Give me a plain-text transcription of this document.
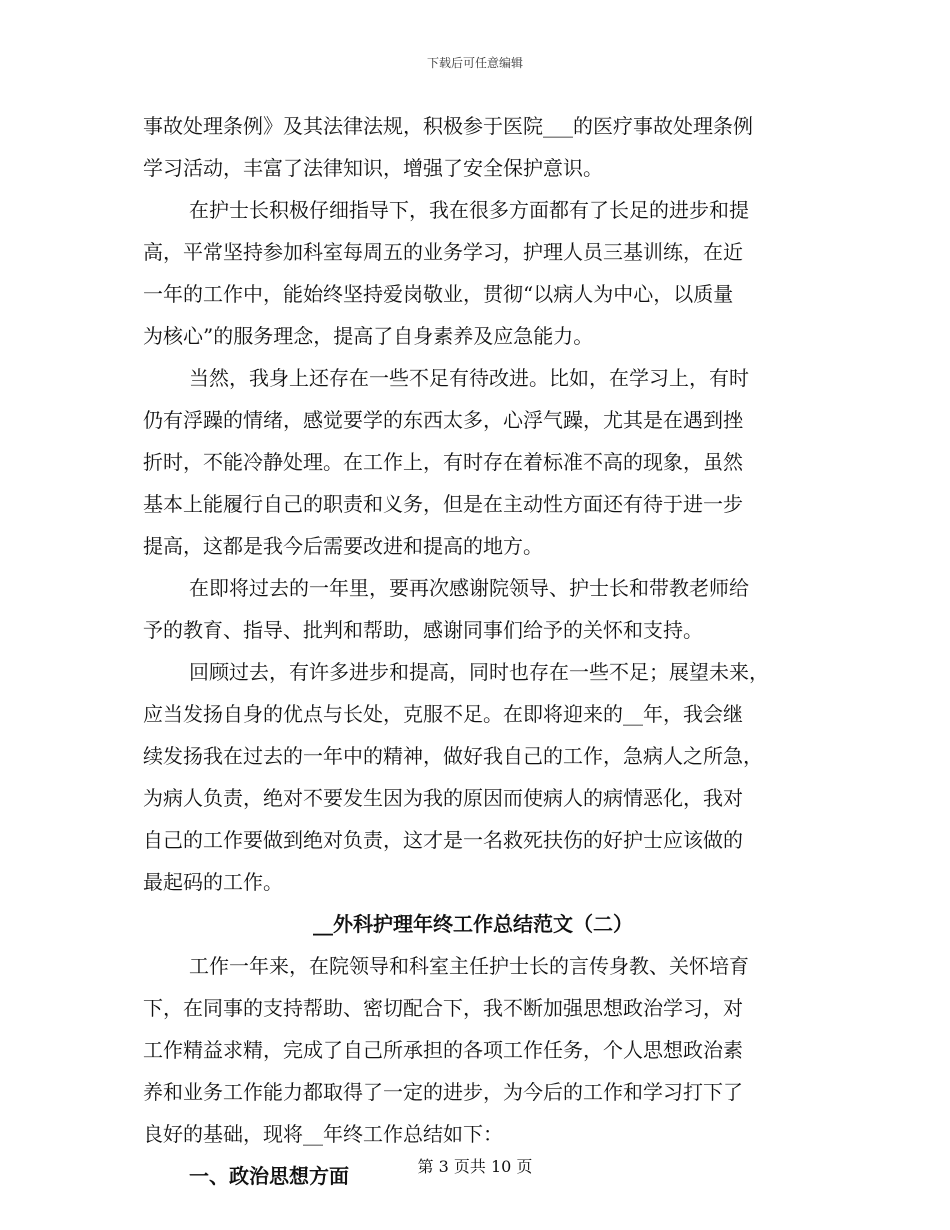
下载后可任意编辑
事故处理条例》及其法律法规，积极参于医院___的医疗事故处理条例
学习活动，丰富了法律知识，增强了安全保护意识。
在护士长积极仔细指导下，我在很多方面都有了长足的进步和提
高，平常坚持参加科室每周五的业务学习，护理人员三基训练，在近
一年的工作中，能始终坚持爱岗敬业，贯彻“以病人为中心，以质量
为核心”的服务理念，提高了自身素养及应急能力。
当然，我身上还存在一些不足有待改进。比如，在学习上，有时
仍有浮躁的情绪，感觉要学的东西太多，心浮气躁，尤其是在遇到挫
折时，不能冷静处理。在工作上，有时存在着标准不高的现象，虽然
基本上能履行自己的职责和义务，但是在主动性方面还有待于进一步
提高，这都是我今后需要改进和提高的地方。
在即将过去的一年里，要再次感谢院领导、护士长和带教老师给
予的教育、指导、批判和帮助，感谢同事们给予的关怀和支持。
回顾过去，有许多进步和提高，同时也存在一些不足；展望未来，
应当发扬自身的优点与长处，克服不足。在即将迎来的__年，我会继
续发扬我在过去的一年中的精神，做好我自己的工作，急病人之所急，
为病人负责，绝对不要发生因为我的原因而使病人的病情恶化，我对
自己的工作要做到绝对负责，这才是一名救死扶伤的好护士应该做的
最起码的工作。
__外科护理年终工作总结范文（二）
工作一年来，在院领导和科室主任护士长的言传身教、关怀培育
下，在同事的支持帮助、密切配合下，我不断加强思想政治学习，对
工作精益求精，完成了自己所承担的各项工作任务，个人思想政治素
养和业务工作能力都取得了一定的进步，为今后的工作和学习打下了
良好的基础，现将__年终工作总结如下：
一、政治思想方面	第 3 页共 10 页
